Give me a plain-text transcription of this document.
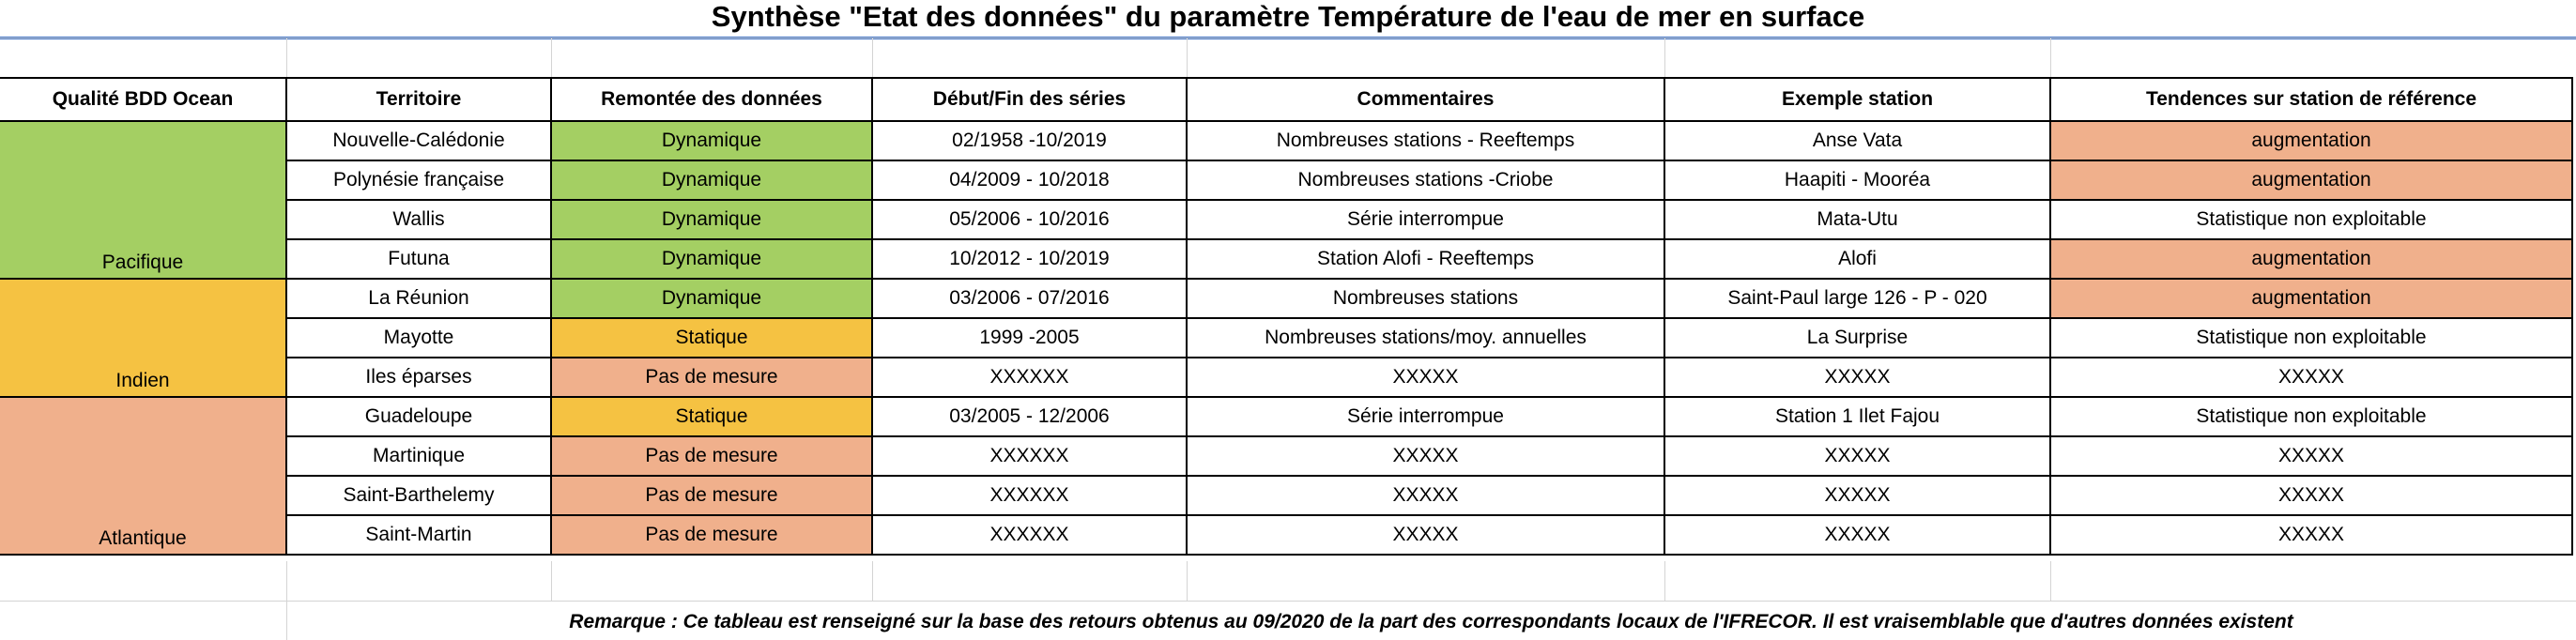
Synthèse "Etat des données" du paramètre Température de l'eau de mer en surface
Qualité BDD Ocean	Territoire	Remontée des données	Début/Fin des séries	Commentaires	Exemple station	Tendences sur station de référence
Pacifique	Nouvelle-Calédonie	Dynamique	02/1958 -10/2019	Nombreuses stations - Reeftemps	Anse Vata	augmentation
	Polynésie française	Dynamique	04/2009 - 10/2018	Nombreuses stations -Criobe	Haapiti - Mooréa	augmentation
	Wallis	Dynamique	05/2006 - 10/2016	Série interrompue	Mata-Utu	Statistique non exploitable
	Futuna	Dynamique	10/2012 - 10/2019	Station Alofi - Reeftemps	Alofi	augmentation
Indien	La Réunion	Dynamique	03/2006 - 07/2016	Nombreuses stations	Saint-Paul large 126 - P - 020	augmentation
	Mayotte	Statique	1999 -2005	Nombreuses stations/moy. annuelles	La Surprise	Statistique non exploitable
	Iles éparses	Pas de mesure	XXXXXX	XXXXX	XXXXX	XXXXX
Atlantique	Guadeloupe	Statique	03/2005 - 12/2006	Série interrompue	Station 1 Ilet Fajou	Statistique non exploitable
	Martinique	Pas de mesure	XXXXXX	XXXXX	XXXXX	XXXXX
	Saint-Barthelemy	Pas de mesure	XXXXXX	XXXXX	XXXXX	XXXXX
	Saint-Martin	Pas de mesure	XXXXXX	XXXXX	XXXXX	XXXXX
Remarque : Ce tableau est renseigné sur la base des retours obtenus au 09/2020 de la part des correspondants locaux de l'IFRECOR. Il est vraisemblable que d'autres données existent
